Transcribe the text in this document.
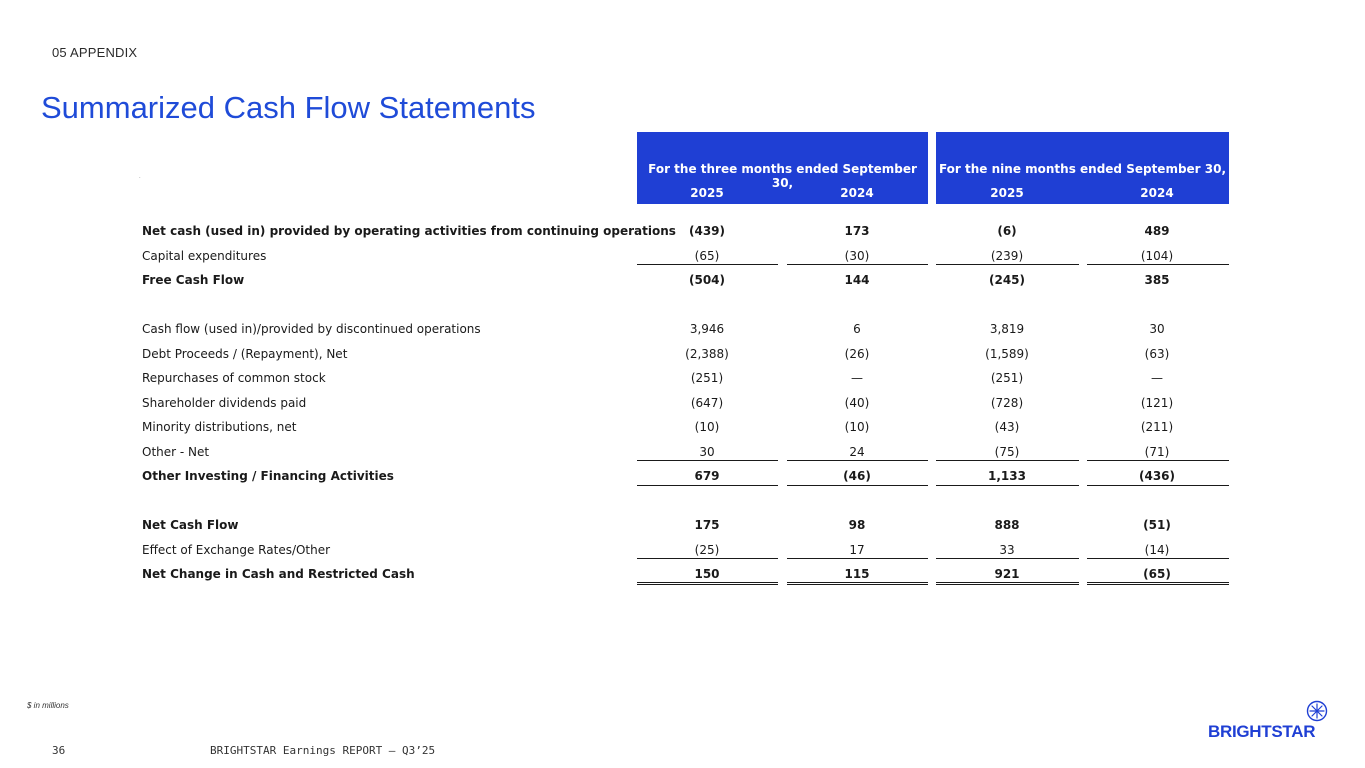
05 APPENDIX
Summarized Cash Flow Statements
.
For the three months ended September 30,
2025	2024
For the nine months ended September 30,
2025	2024
Net cash (used in) provided by operating activities from continuing operations	(439)	173	(6)	489
Capital expenditures	(65)	(30)	(239)	(104)
Free Cash Flow	(504)	144	(245)	385
Cash flow (used in)/provided by discontinued operations	3,946	6	3,819	30
Debt Proceeds / (Repayment), Net	(2,388)	(26)	(1,589)	(63)
Repurchases of common stock	(251)	—	(251)	—
Shareholder dividends paid	(647)	(40)	(728)	(121)
Minority distributions, net	(10)	(10)	(43)	(211)
Other - Net	30	24	(75)	(71)
Other Investing / Financing Activities	679	(46)	1,133	(436)
Net Cash Flow	175	98	888	(51)
Effect of Exchange Rates/Other	(25)	17	33	(14)
Net Change in Cash and Restricted Cash	150	115	921	(65)
$ in millions
36	BRIGHTSTAR Earnings REPORT – Q3’25
BRIGHTSTAR
